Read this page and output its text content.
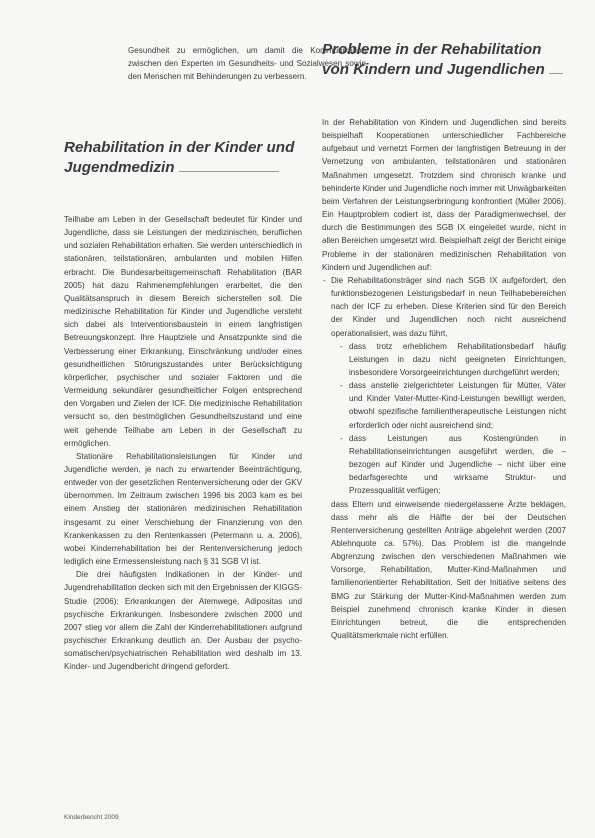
Gesundheit zu ermöglichen, um damit die Kommunikation zwischen den Experten im Gesundheits- und Sozialwesen sowie den Menschen mit Behinderungen zu verbessern.

Rehabilitation in der Kinder und Jugendmedizin

Teilhabe am Leben in der Gesellschaft bedeutet für Kinder und Jugendliche, dass sie Leistungen der medizinischen, beruflichen und sozialen Rehabilitation erhalten. Sie werden unterschiedlich in stationären, teilstationären, ambulanten und mobilen Hilfen erbracht. Die Bundesarbeitsgemeinschaft Rehabilitation (BAR 2005) hat dazu Rahmenempfehlungen erarbeitet, die den Qualitätsanspruch in diesem Bereich sicherstellen soll. Die medizinische Rehabilitation für Kinder und Jugendliche versteht sich dabei als Interventionsbaustein in einem langfristigen Betreuungskonzept. Ihre Hauptziele und Ansatzpunkte sind die Verbesserung einer Erkrankung, Einschränkung und/oder eines gesundheitlichen Störungszustandes unter Berücksichtigung körperlicher, psychischer und sozialer Faktoren und die Vermeidung sekundärer gesundheitlicher Folgen entsprechend den Vorgaben und Zielen der ICF. Die medizinische Rehabilitation versucht so, den bestmöglichen Gesundheitszustand und eine weit gehende Teilhabe am Leben in der Gesellschaft zu ermöglichen.

Stationäre Rehabilitationsleistungen für Kinder und Jugendliche werden, je nach zu erwartender Beeinträchtigung, entweder von der gesetzlichen Rentenversicherung oder der GKV übernommen. Im Zeitraum zwischen 1996 bis 2003 kam es bei einem Anstieg der stationären medizinischen Rehabilitation insgesamt zu einer Verschiebung der Finanzierung von den Krankenkassen zu den Rentenkassen (Petermann u. a. 2006), wobei Kinderrehabilitation bei der Rentenversicherung jedoch lediglich eine Ermessensleistung nach § 31 SGB VI ist.

Die drei häufigsten Indikationen in der Kinder- und Jugendrehabilitation decken sich mit den Ergebnissen der KIGGS-Studie (2006): Erkrankungen der Atemwege, Adipositas und psychische Erkrankungen. Insbesondere zwischen 2000 und 2007 stieg vor allem die Zahl der Kinderrehabilitationen aufgrund psychischer Erkrankung deutlich an. Der Ausbau der psycho-somatischen/psychiatrischen Rehabilitation wird deshalb im 13. Kinder- und Jugendbericht dringend gefordert.

Probleme in der Rehabilitation von Kindern und Jugendlichen

In der Rehabilitation von Kindern und Jugendlichen sind bereits beispielhaft Kooperationen unterschiedlicher Fachbereiche aufgebaut und vernetzt Formen der langfristigen Betreuung in der Vernetzung von ambulanten, teilstationären und stationären Maßnahmen umgesetzt. Trotzdem sind chronisch kranke und behinderte Kinder und Jugendliche noch immer mit Unwägbarkeiten beim Verfahren der Leistungserbringung konfrontiert (Müller 2006). Ein Hauptproblem codiert ist, dass der Paradigmenwechsel, der durch die Bestimmungen des SGB IX eingeleitet wurde, nicht in allen Bereichen umgesetzt wird. Beispielhaft zeigt der Bericht einige Probleme in der stationären medizinischen Rehabilitation von Kindern und Jugendlichen auf:

- Die Rehabilitationsträger sind nach SGB IX aufgefordert, den funktionsbezogenen Leistungsbedarf in neun Teilhabebereichen nach der ICF zu erheben. Diese Kriterien sind für den Bereich der Kinder und Jugendlichen noch nicht ausreichend operationalisiert, was dazu führt,
- dass trotz erheblichem Rehabilitationsbedarf häufig Leistungen in dazu nicht geeigneten Einrichtungen, insbesondere Vorsorgeeinrichtungen durchgeführt werden;
- dass anstelle zielgerichteter Leistungen für Mütter, Väter und Kinder Vater-Mutter-Kind-Leistungen bewilligt werden, obwohl spezifische familientherapeutische Leistungen nicht erforderlich oder nicht ausreichend sind;
- dass Leistungen aus Kostengründen in Rehabilitationseinrichtungen ausgeführt werden, die – bezogen auf Kinder und Jugendliche – nicht über eine bedarfsgerechte und wirksame Struktur- und Prozessqualität verfügen;

dass Eltern und einweisende niedergelassene Ärzte beklagen, dass mehr als die Hälfte der bei der Deutschen Rentenversicherung gestellten Anträge abgelehnt werden (2007 Ablehnquote ca. 57%). Das Problem ist die mangelnde Abgrenzung zwischen den verschiedenen Maßnahmen wie Vorsorge, Rehabilitation, Mutter-Kind-Maßnahmen und familienorientierter Rehabilitation. Seit der Initiative seitens des BMG zur Stärkung der Mutter-Kind-Maßnahmen werden zum Beispiel zunehmend chronisch kranke Kinder in diesen Einrichtungen betreut, die die entsprechenden Qualitätsmerkmale nicht erfüllen.

Kinderbericht 2009
